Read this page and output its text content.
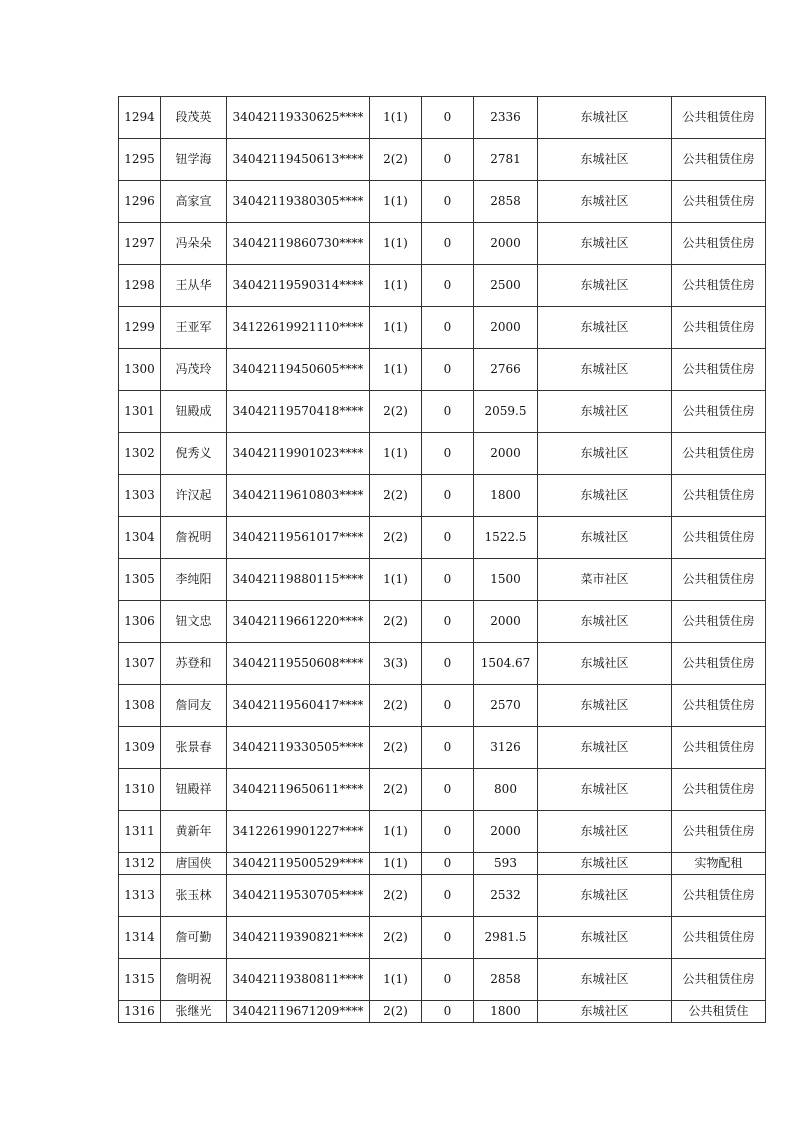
1294	段茂英	34042119330625****	1(1)	0	2336	东城社区	公共租赁住房
1295	钮学海	34042119450613****	2(2)	0	2781	东城社区	公共租赁住房
1296	高家宣	34042119380305****	1(1)	0	2858	东城社区	公共租赁住房
1297	冯朵朵	34042119860730****	1(1)	0	2000	东城社区	公共租赁住房
1298	王从华	34042119590314****	1(1)	0	2500	东城社区	公共租赁住房
1299	王亚军	34122619921110****	1(1)	0	2000	东城社区	公共租赁住房
1300	冯茂玲	34042119450605****	1(1)	0	2766	东城社区	公共租赁住房
1301	钮殿成	34042119570418****	2(2)	0	2059.5	东城社区	公共租赁住房
1302	倪秀义	34042119901023****	1(1)	0	2000	东城社区	公共租赁住房
1303	许汉起	34042119610803****	2(2)	0	1800	东城社区	公共租赁住房
1304	詹祝明	34042119561017****	2(2)	0	1522.5	东城社区	公共租赁住房
1305	李纯阳	34042119880115****	1(1)	0	1500	菜市社区	公共租赁住房
1306	钮文忠	34042119661220****	2(2)	0	2000	东城社区	公共租赁住房
1307	苏登和	34042119550608****	3(3)	0	1504.67	东城社区	公共租赁住房
1308	詹同友	34042119560417****	2(2)	0	2570	东城社区	公共租赁住房
1309	张景春	34042119330505****	2(2)	0	3126	东城社区	公共租赁住房
1310	钮殿祥	34042119650611****	2(2)	0	800	东城社区	公共租赁住房
1311	黄新年	34122619901227****	1(1)	0	2000	东城社区	公共租赁住房
1312	唐国侠	34042119500529****	1(1)	0	593	东城社区	实物配租
1313	张玉林	34042119530705****	2(2)	0	2532	东城社区	公共租赁住房
1314	詹可勤	34042119390821****	2(2)	0	2981.5	东城社区	公共租赁住房
1315	詹明祝	34042119380811****	1(1)	0	2858	东城社区	公共租赁住房
1316	张继光	34042119671209****	2(2)	0	1800	东城社区	公共租赁住
